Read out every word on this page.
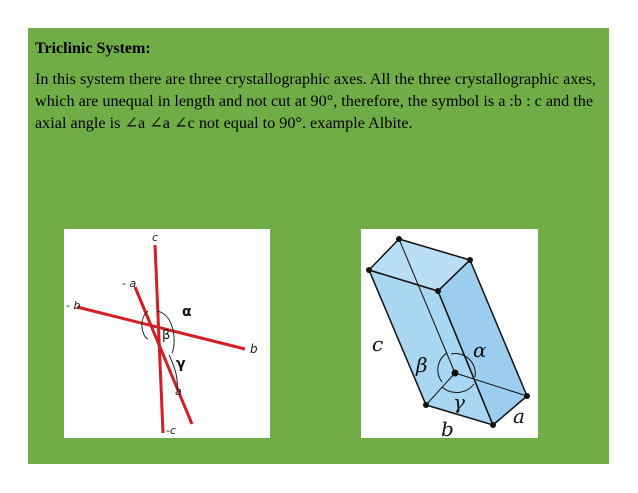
Triclinic System:
In this system there are three crystallographic axes. All the three crystallographic axes, which are unequal in length and not cut at 90°, therefore, the symbol is a :b : c and the axial angle is ∠a ∠a ∠c not equal to 90°. example Albite.
c
- a
- b	α
β
γ
b
a
-c
c	α
β
γ
a
b
